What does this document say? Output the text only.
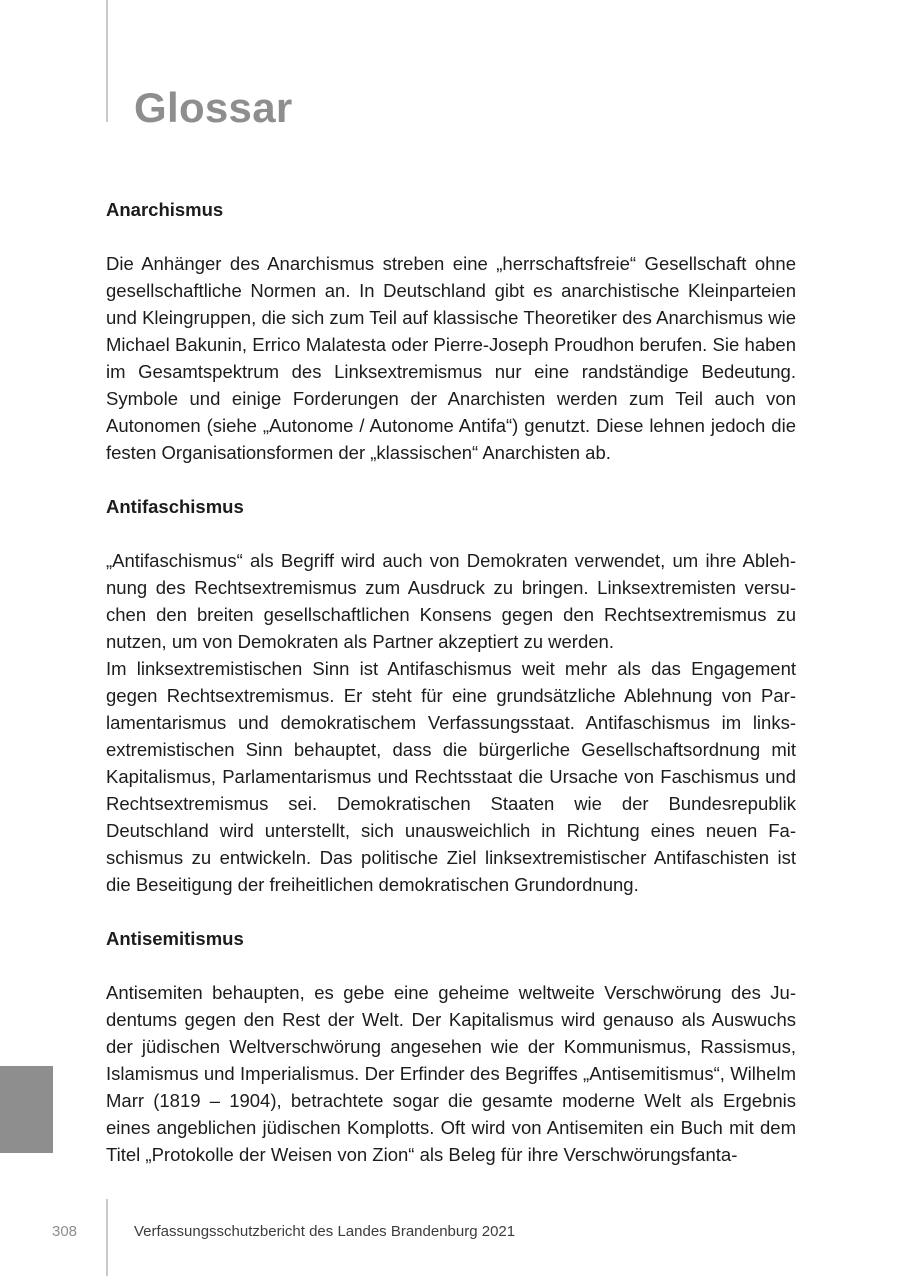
Glossar
Anarchismus

Die Anhänger des Anarchismus streben eine „herrschaftsfreie“ Gesellschaft ohne gesellschaftliche Normen an. In Deutschland gibt es anarchistische Kleinparteien und Kleingruppen, die sich zum Teil auf klassische Theoretiker des Anarchismus wie Michael Bakunin, Errico Malatesta oder Pierre-Joseph Proudhon berufen. Sie haben im Gesamtspektrum des Linksextremismus nur eine randständige Bedeutung. Symbole und einige Forderungen der Anarchisten werden zum Teil auch von Autonomen (siehe „Autonome / Autonome Antifa“) genutzt. Diese lehnen jedoch die festen Organisationsformen der „klassischen“ Anarchisten ab.

Antifaschismus

„Antifaschismus“ als Begriff wird auch von Demokraten verwendet, um ihre Ablehnung des Rechtsextremismus zum Ausdruck zu bringen. Linksextremisten versuchen den breiten gesellschaftlichen Konsens gegen den Rechtsextremismus zu nutzen, um von Demokraten als Partner akzeptiert zu werden.

Im linksextremistischen Sinn ist Antifaschismus weit mehr als das Engagement gegen Rechtsextremismus. Er steht für eine grundsätzliche Ablehnung von Parlamentarismus und demokratischem Verfassungsstaat. Antifaschismus im linksextremistischen Sinn behauptet, dass die bürgerliche Gesellschaftsordnung mit Kapitalismus, Parlamentarismus und Rechtsstaat die Ursache von Faschismus und Rechtsextremismus sei. Demokratischen Staaten wie der Bundesrepublik Deutschland wird unterstellt, sich unausweichlich in Richtung eines neuen Faschismus zu entwickeln. Das politische Ziel linksextremistischer Antifaschisten ist die Beseitigung der freiheitlichen demokratischen Grundordnung.

Antisemitismus

Antisemiten behaupten, es gebe eine geheime weltweite Verschwörung des Judentums gegen den Rest der Welt. Der Kapitalismus wird genauso als Auswuchs der jüdischen Weltverschwörung angesehen wie der Kommunismus, Rassismus, Islamismus und Imperialismus. Der Erfinder des Begriffes „Antisemitismus“, Wilhelm Marr (1819 – 1904), betrachtete sogar die gesamte moderne Welt als Ergebnis eines angeblichen jüdischen Komplotts. Oft wird von Antisemiten ein Buch mit dem Titel „Protokolle der Weisen von Zion“ als Beleg für ihre Verschwörungsfanta-

308	Verfassungsschutzbericht des Landes Brandenburg 2021
